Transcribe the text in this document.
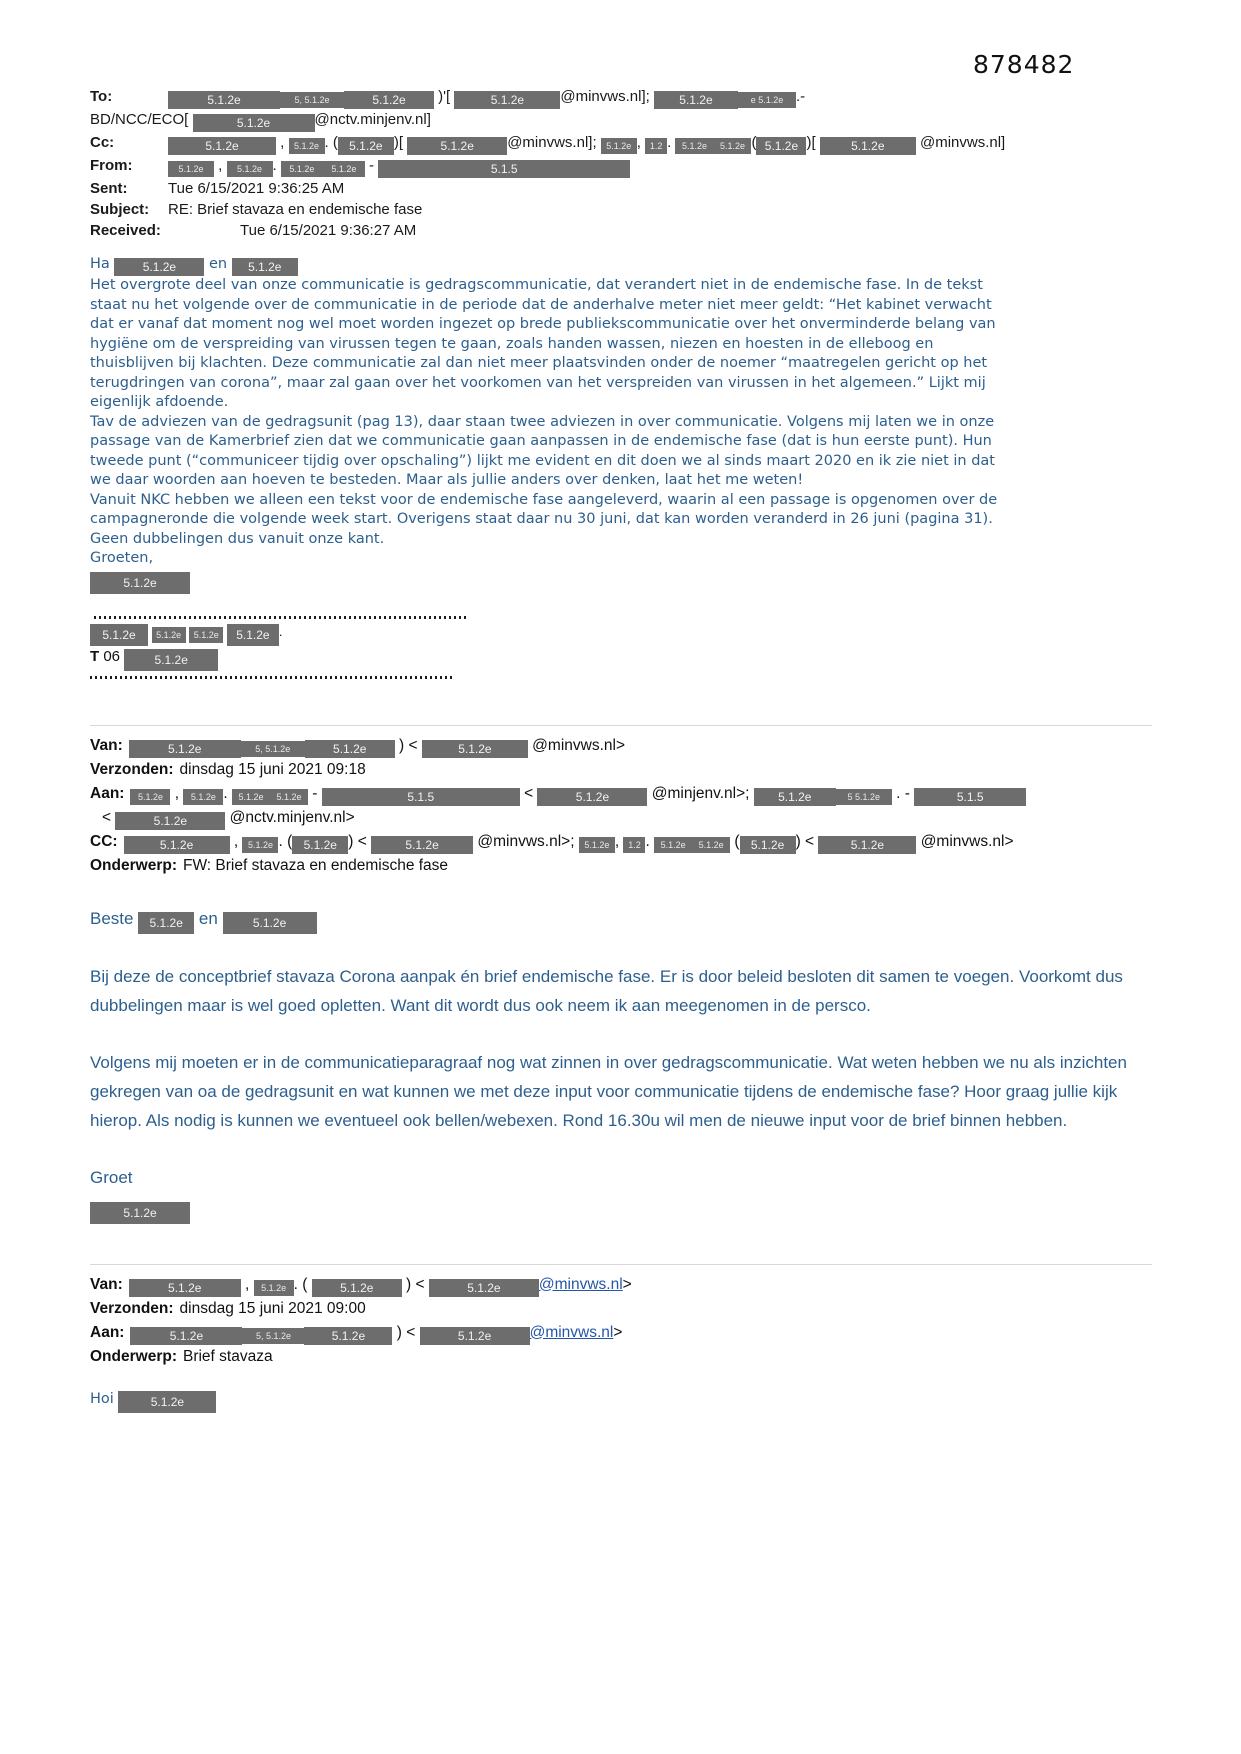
878482
To:	5.1.2e	5, 5.1.2e	5.1.2e )'[	5.1.2e @minvws.nl]; 5.1.2e	e 5.1.2e .-
BD/NCC/ECO[	5.1.2e	@nctv.minjenv.nl]
Cc:	5.1.2e , 5.1.2e . ( 5.1.2e )[	5.1.2e @minvws.nl]; 5.1.2e , 1.2 . 5.1.2e 5.1.2e ( 5.1.2e )[	5.1.2e @minvws.nl]
From:	5.1.2e , 5.1.2e . 5.1.2e 5.1.2e -	5.1.5
Sent:	Tue 6/15/2021 9:36:25 AM
Subject:	RE: Brief stavaza en endemische fase
Received:	Tue 6/15/2021 9:36:27 AM

Ha 5.1.2e en 5.1.2e

Het overgrote deel van onze communicatie is gedragscommunicatie, dat verandert niet in de endemische fase. In de tekst staat nu het volgende over de communicatie in de periode dat de anderhalve meter niet meer geldt: “Het kabinet verwacht dat er vanaf dat moment nog wel moet worden ingezet op brede publiekscommunicatie over het onverminderde belang van hygiëne om de verspreiding van virussen tegen te gaan, zoals handen wassen, niezen en hoesten in de elleboog en thuisblijven bij klachten. Deze communicatie zal dan niet meer plaatsvinden onder de noemer “maatregelen gericht op het terugdringen van corona”, maar zal gaan over het voorkomen van het verspreiden van virussen in het algemeen.” Lijkt mij eigenlijk afdoende.

Tav de adviezen van de gedragsunit (pag 13), daar staan twee adviezen in over communicatie. Volgens mij laten we in onze passage van de Kamerbrief zien dat we communicatie gaan aanpassen in de endemische fase (dat is hun eerste punt). Hun tweede punt (“communiceer tijdig over opschaling”) lijkt me evident en dit doen we al sinds maart 2020 en ik zie niet in dat we daar woorden aan hoeven te besteden. Maar als jullie anders over denken, laat het me weten!

Vanuit NKC hebben we alleen een tekst voor de endemische fase aangeleverd, waarin al een passage is opgenomen over de campagneronde die volgende week start. Overigens staat daar nu 30 juni, dat kan worden veranderd in 26 juni (pagina 31). Geen dubbelingen dus vanuit onze kant.

Groeten,

5.1.2e
5.1.2e 5.1.2e 5.1.2e 5.1.2e .
T 06	5.1.2e
Van:	5.1.2e	5, 5.1.2e	5.1.2e ) <	5.1.2e @minvws.nl>
Verzonden: dinsdag 15 juni 2021 09:18
Aan: 5.1.2e , 5.1.2e . 5.1.2e 5.1.2e -	5.1.5	<	5.1.2e @minjenv.nl>; 5.1.2e	5 5.1.2e . -	5.1.5
<	5.1.2e @nctv.minjenv.nl>
CC:	5.1.2e , 5.1.2e . ( 5.1.2e ) <	5.1.2e @minvws.nl>; 5.1.2e , 1.2 . 5.1.2e 5.1.2e ( 5.1.2e ) <	5.1.2e @minvws.nl>
Onderwerp: FW: Brief stavaza en endemische fase

Beste 5.1.2e en	5.1.2e

Bij deze de conceptbrief stavaza Corona aanpak én brief endemische fase. Er is door beleid besloten dit samen te voegen. Voorkomt dus dubbelingen maar is wel goed opletten. Want dit wordt dus ook neem ik aan meegenomen in de persco.

Volgens mij moeten er in de communicatieparagraaf nog wat zinnen in over gedragscommunicatie. Wat weten hebben we nu als inzichten gekregen van oa de gedragsunit en wat kunnen we met deze input voor communicatie tijdens de endemische fase? Hoor graag jullie kijk hierop. Als nodig is kunnen we eventueel ook bellen/webexen. Rond 16.30u wil men de nieuwe input voor de brief binnen hebben.

Groet

5.1.2e
Van:	5.1.2e	, 5.1.2e . ( 5.1.2e ) <	5.1.2e @minvws.nl>
Verzonden: dinsdag 15 juni 2021 09:00
Aan:	5.1.2e	5, 5.1.2e	5.1.2e ) <	5.1.2e @minvws.nl>
Onderwerp: Brief stavaza

Hoi	5.1.2e
